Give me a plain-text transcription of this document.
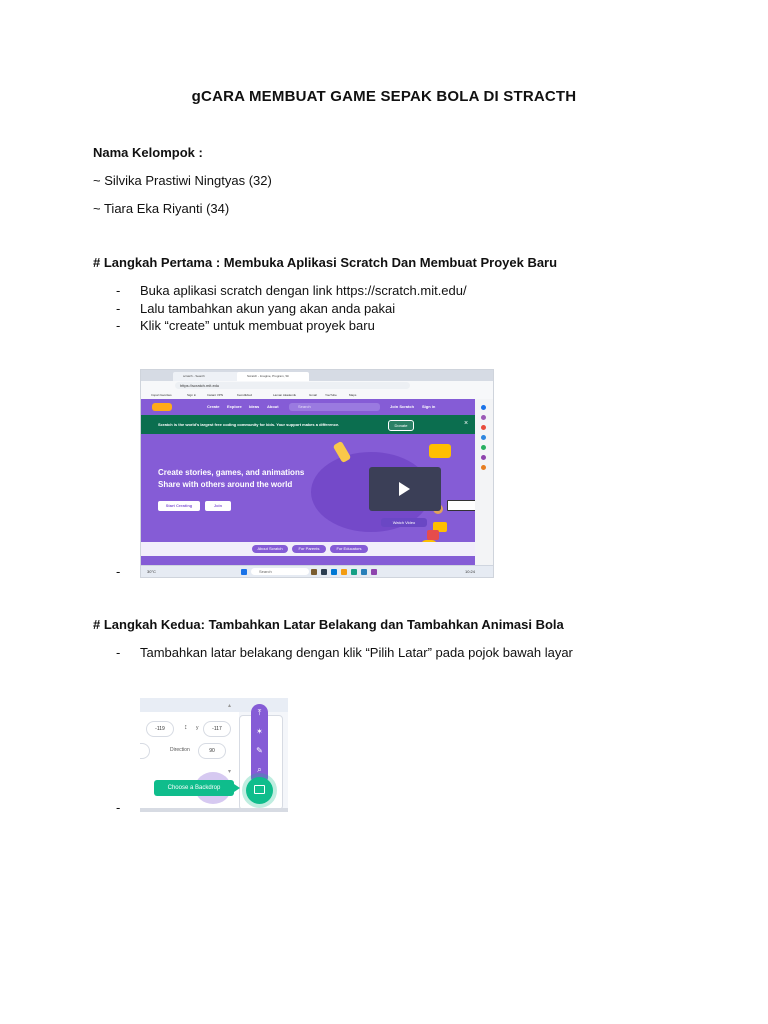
gCARA MEMBUAT GAME SEPAK BOLA DI STRACTH
Nama Kelompok :
~ Silvika Prastiwi Ningtyas (32)
~ Tiara Eka Riyanti (34)
# Langkah Pertama : Membuka Aplikasi Scratch Dan Membuat Proyek Baru
- Buka aplikasi scratch dengan link https://scratch.mit.edu/
- Lalu tambahkan akun yang akan anda pakai
- Klik “create” untuk membuat proyek baru
-
scratch - Search	Scratch - Imagine, Program, Sh
https://scratch.mit.edu
Import favorites	Sign in	Instant VPN	Kemdikbud	Laman Akademik	Gmail	YouTube	Maps
Create Explore Ideas About	Search	Join Scratch Sign in
Scratch is the world's largest free coding community for kids. Your support makes a difference.	Donate	×
Create stories, games, and animations
Share with others around the world
Start Creating	Join
Watch Video
About Scratch	For Parents	For Educators
30°C	Search	10:24
# Langkah Kedua: Tambahkan Latar Belakang dan Tambahkan Animasi Bola
- Tambahkan latar belakang dengan klik “Pilih Latar” pada pojok bawah layar
-
-119	↕ y	-117
Direction	90
▴
▾
⤒
✶
✎
⌕
Choose a Backdrop
